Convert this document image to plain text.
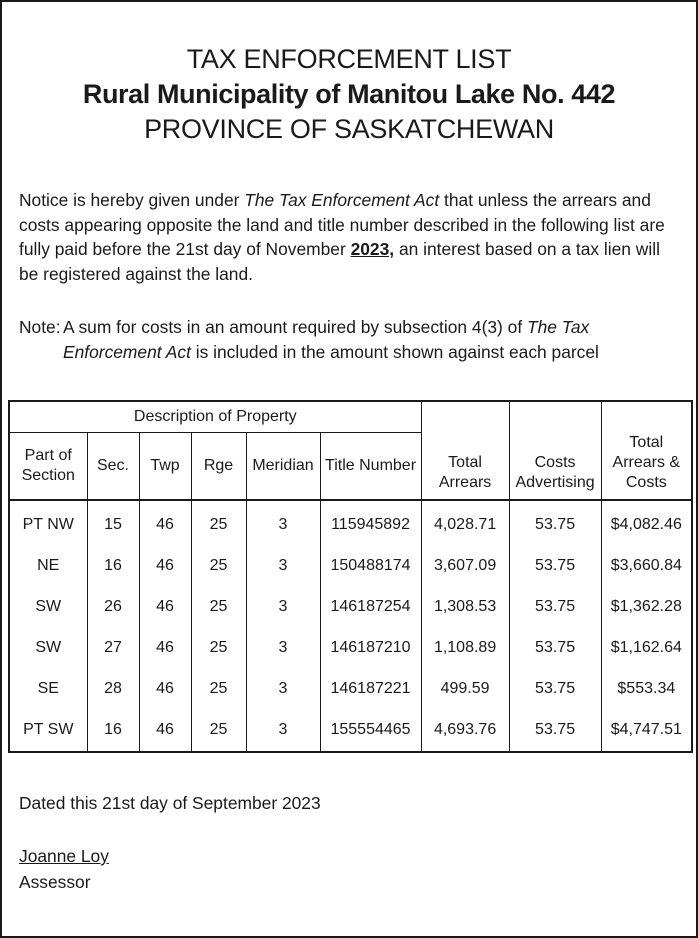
TAX ENFORCEMENT LIST
Rural Municipality of Manitou Lake No. 442
PROVINCE OF SASKATCHEWAN
Notice is hereby given under The Tax Enforcement Act that unless the arrears and costs appearing opposite the land and title number described in the following list are fully paid before the 21st day of November 2023, an interest based on a tax lien will be registered against the land.
Note: A sum for costs in an amount required by subsection 4(3) of The Tax
Enforcement Act is included in the amount shown against each parcel
Description of Property								
Part of Section	Sec.	Twp	Rge	Meridian	Title Number	Total Arrears	Costs Advertising	Total Arrears & Costs
PT NW	15	46	25	3	115945892	4,028.71	53.75	$4,082.46
NE	16	46	25	3	150488174	3,607.09	53.75	$3,660.84
SW	26	46	25	3	146187254	1,308.53	53.75	$1,362.28
SW	27	46	25	3	146187210	1,108.89	53.75	$1,162.64
SE	28	46	25	3	146187221	499.59	53.75	$553.34
PT SW	16	46	25	3	155554465	4,693.76	53.75	$4,747.51
Dated this 21st day of September 2023
Joanne Loy
Assessor
